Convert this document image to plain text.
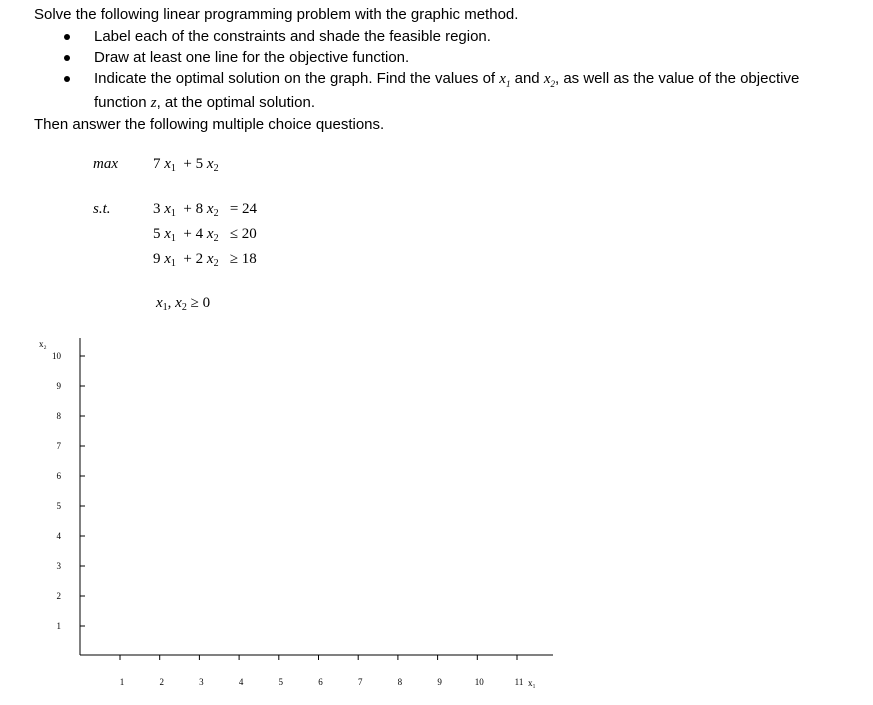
Solve the following linear programming problem with the graphic method.
Label each of the constraints and shade the feasible region.
Draw at least one line for the objective function.
Indicate the optimal solution on the graph. Find the values of $x_1$ and $x_2$, as well as the value of the objective
function z, at the optimal solution.
Then answer the following multiple choice questions.
max 7 $x_1 + 5$ $x_2$
s.t.	3 $x_1 + 8$ $x_2 = 24$
5 $x_1 + 4$ $x_2 \le 20$
9 $x_1 + 2$ $x_2 \ge 18$
$x_1$, $x_2 \ge 0$
x₂
x₁
10
9
8
7
6
5
4
3
2
1
1	2	3	4	5	6	7	8	9	10	11
